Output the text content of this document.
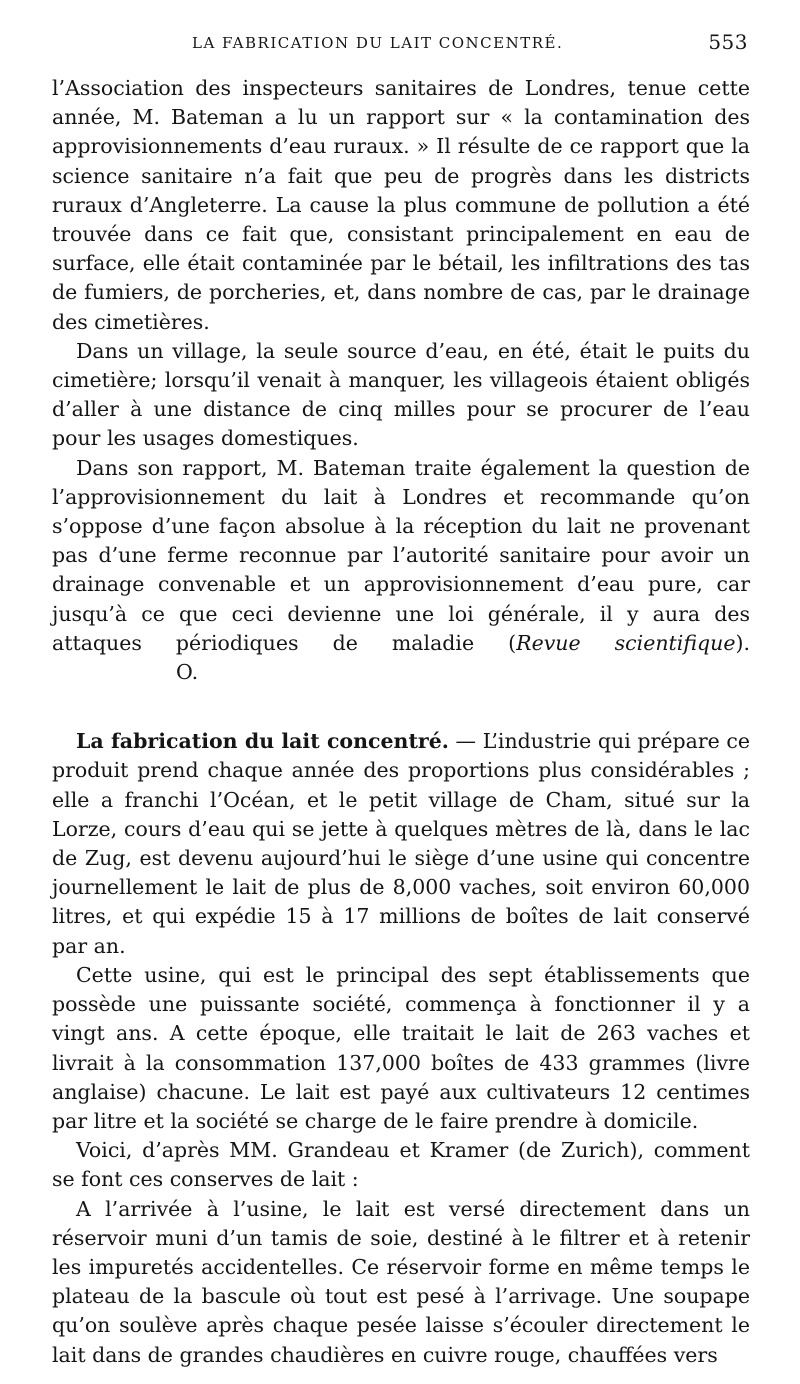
LA FABRICATION DU LAIT CONCENTRÉ.	553

l’Association des inspecteurs sanitaires de Londres, tenue cette année, M. Bateman a lu un rapport sur « la contamination des approvisionnements d’eau ruraux. » Il résulte de ce rapport que la science sanitaire n’a fait que peu de progrès dans les districts ruraux d’Angleterre. La cause la plus commune de pollution a été trouvée dans ce fait que, consistant principalement en eau de surface, elle était contaminée par le bétail, les infiltrations des tas de fumiers, de porcheries, et, dans nombre de cas, par le drainage des cimetières.

Dans un village, la seule source d’eau, en été, était le puits du cimetière; lorsqu’il venait à manquer, les villageois étaient obligés d’aller à une distance de cinq milles pour se procurer de l’eau pour les usages domestiques.

Dans son rapport, M. Bateman traite également la question de l’approvisionnement du lait à Londres et recommande qu’on s’oppose d’une façon absolue à la réception du lait ne provenant pas d’une ferme reconnue par l’autorité sanitaire pour avoir un drainage convenable et un approvisionnement d’eau pure, car jusqu’à ce que ceci devienne une loi générale, il y aura des attaques périodiques de maladie (Revue scientifique).O.

La fabrication du lait concentré. — L’industrie qui prépare ce produit prend chaque année des proportions plus considérables ; elle a franchi l’Océan, et le petit village de Cham, situé sur la Lorze, cours d’eau qui se jette à quelques mètres de là, dans le lac de Zug, est devenu aujourd’hui le siège d’une usine qui concentre journellement le lait de plus de 8,000 vaches, soit environ 60,000 litres, et qui expédie 15 à 17 millions de boîtes de lait conservé par an.

Cette usine, qui est le principal des sept établissements que possède une puissante société, commença à fonctionner il y a vingt ans. A cette époque, elle traitait le lait de 263 vaches et livrait à la consommation 137,000 boîtes de 433 grammes (livre anglaise) chacune. Le lait est payé aux cultivateurs 12 centimes par litre et la société se charge de le faire prendre à domicile.

Voici, d’après MM. Grandeau et Kramer (de Zurich), comment se font ces conserves de lait :

A l’arrivée à l’usine, le lait est versé directement dans un réservoir muni d’un tamis de soie, destiné à le filtrer et à retenir les impuretés accidentelles. Ce réservoir forme en même temps le plateau de la bascule où tout est pesé à l’arrivage. Une soupape qu’on soulève après chaque pesée laisse s’écouler directement le lait dans de grandes chaudières en cuivre rouge, chauffées vers
